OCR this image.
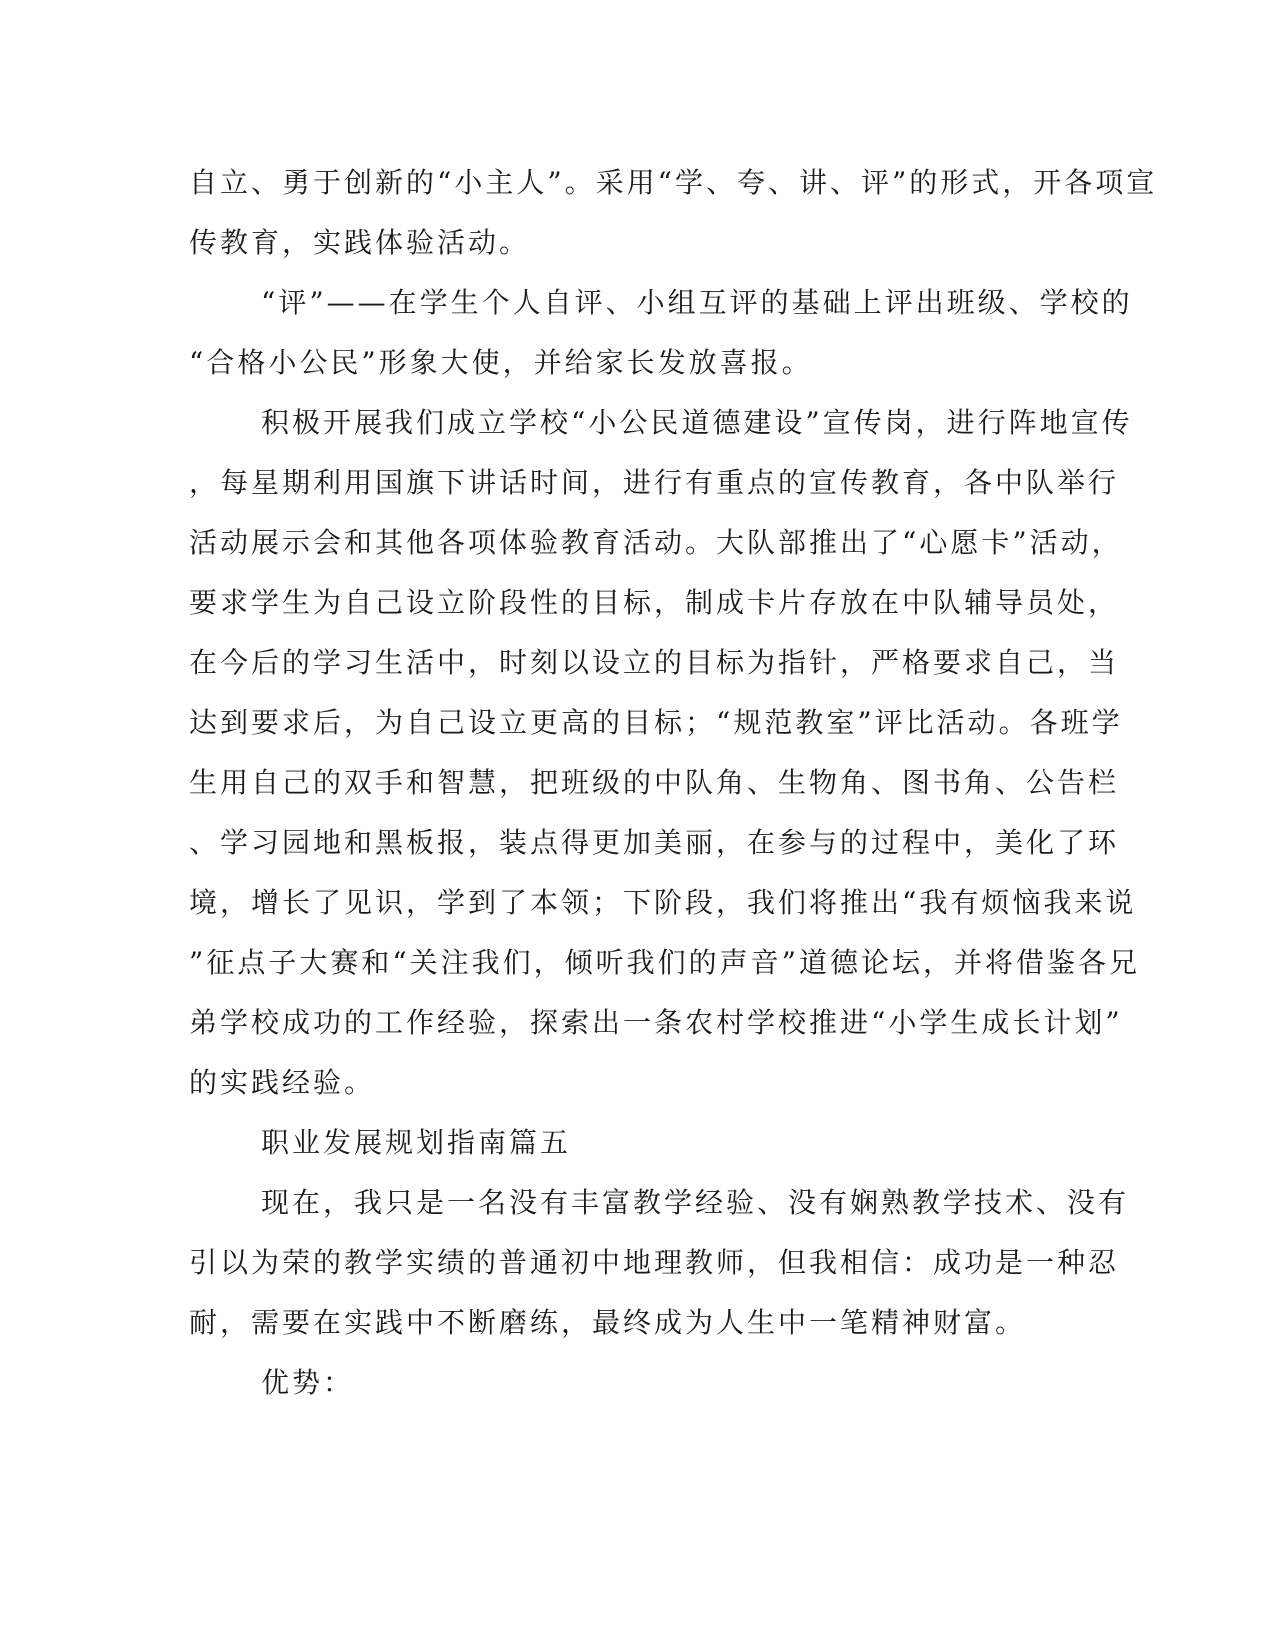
自立、勇于创新的“小主人”。采用“学、夸、讲、评”的形式，开各项宣

传教育，实践体验活动。

“评”——在学生个人自评、小组互评的基础上评出班级、学校的

“合格小公民”形象大使，并给家长发放喜报。

积极开展我们成立学校“小公民道德建设”宣传岗，进行阵地宣传

，每星期利用国旗下讲话时间，进行有重点的宣传教育，各中队举行

活动展示会和其他各项体验教育活动。大队部推出了“心愿卡”活动，

要求学生为自己设立阶段性的目标，制成卡片存放在中队辅导员处，

在今后的学习生活中，时刻以设立的目标为指针，严格要求自己，当

达到要求后，为自己设立更高的目标；“规范教室”评比活动。各班学

生用自己的双手和智慧，把班级的中队角、生物角、图书角、公告栏

、学习园地和黑板报，装点得更加美丽，在参与的过程中，美化了环

境，增长了见识，学到了本领；下阶段，我们将推出“我有烦恼我来说

”征点子大赛和“关注我们，倾听我们的声音”道德论坛，并将借鉴各兄

弟学校成功的工作经验，探索出一条农村学校推进“小学生成长计划”

的实践经验。

职业发展规划指南篇五

现在，我只是一名没有丰富教学经验、没有娴熟教学技术、没有

引以为荣的教学实绩的普通初中地理教师，但我相信：成功是一种忍

耐，需要在实践中不断磨练，最终成为人生中一笔精神财富。

优势：
